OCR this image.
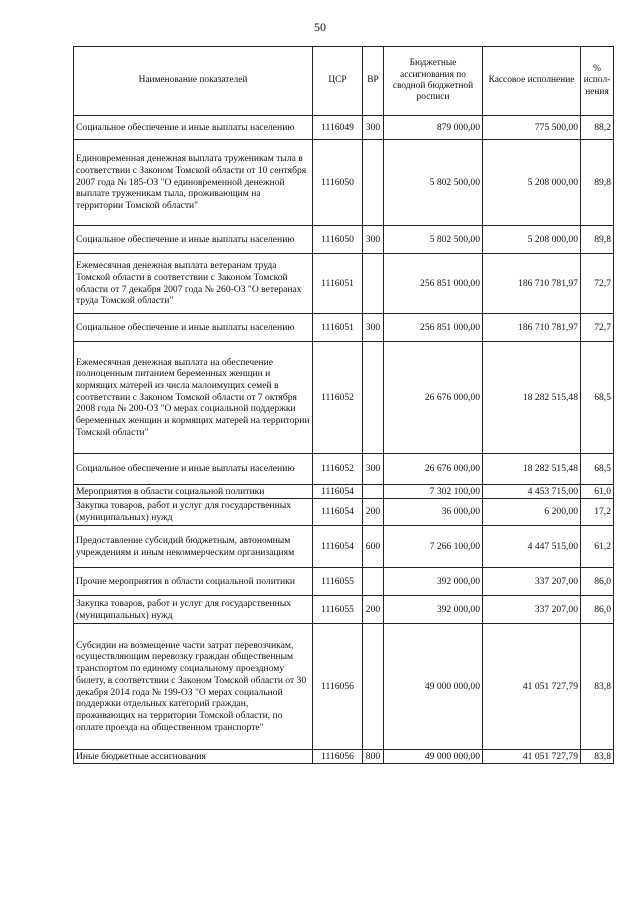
50
Наименование показателей	ЦСР	ВР	Бюджетные ассигнования по сводной бюджетной росписи	Кассовое исполнение	% испол-нения
Социальное обеспечение и иные выплаты населению	1116049	300	879 000,00	775 500,00	88,2
Единовременная денежная выплата труженикам тыла в соответствии с Законом Томской области от 10 сентября 2007 года № 185-ОЗ "О единовременной денежной выплате труженикам тыла, проживающим на территории Томской области"	1116050		5 802 500,00	5 208 000,00	89,8
Социальное обеспечение и иные выплаты населению	1116050	300	5 802 500,00	5 208 000,00	89,8
Ежемесячная денежная выплата ветеранам труда Томской области в соответствии с Законом Томской области от 7 декабря 2007 года № 260-ОЗ "О ветеранах труда Томской области"	1116051		256 851 000,00	186 710 781,97	72,7
Социальное обеспечение и иные выплаты населению	1116051	300	256 851 000,00	186 710 781,97	72,7
Ежемесячная денежная выплата на обеспечение полноценным питанием беременных женщин и кормящих матерей из числа малоимущих семей в соответствии с Законом Томской области от 7 октября 2008 года № 200-ОЗ "О мерах социальной поддержки беременных женщин и кормящих матерей на территории Томской области"	1116052		26 676 000,00	18 282 515,48	68,5
Социальное обеспечение и иные выплаты населению	1116052	300	26 676 000,00	18 282 515,48	68,5
Мероприятия в области социальной политики	1116054		7 302 100,00	4 453 715,00	61,0
Закупка товаров, работ и услуг для государственных (муниципальных) нужд	1116054	200	36 000,00	6 200,00	17,2
Предоставление субсидий бюджетным, автономным учреждениям и иным некоммерческим организациям	1116054	600	7 266 100,00	4 447 515,00	61,2
Прочие мероприятия в области социальной политики	1116055		392 000,00	337 207,00	86,0
Закупка товаров, работ и услуг для государственных (муниципальных) нужд	1116055	200	392 000,00	337 207,00	86,0
Субсидии на возмещение части затрат перевозчикам, осуществляющим перевозку граждан общественным транспортом по единому социальному проездному билету, в соответствии с Законом Томской области от 30 декабря 2014 года № 199-ОЗ "О мерах социальной поддержки отдельных категорий граждан, проживающих на территории Томской области, по оплате проезда на общественном транспорте"	1116056		49 000 000,00	41 051 727,79	83,8
Иные бюджетные ассигнования	1116056	800	49 000 000,00	41 051 727,79	83,8
